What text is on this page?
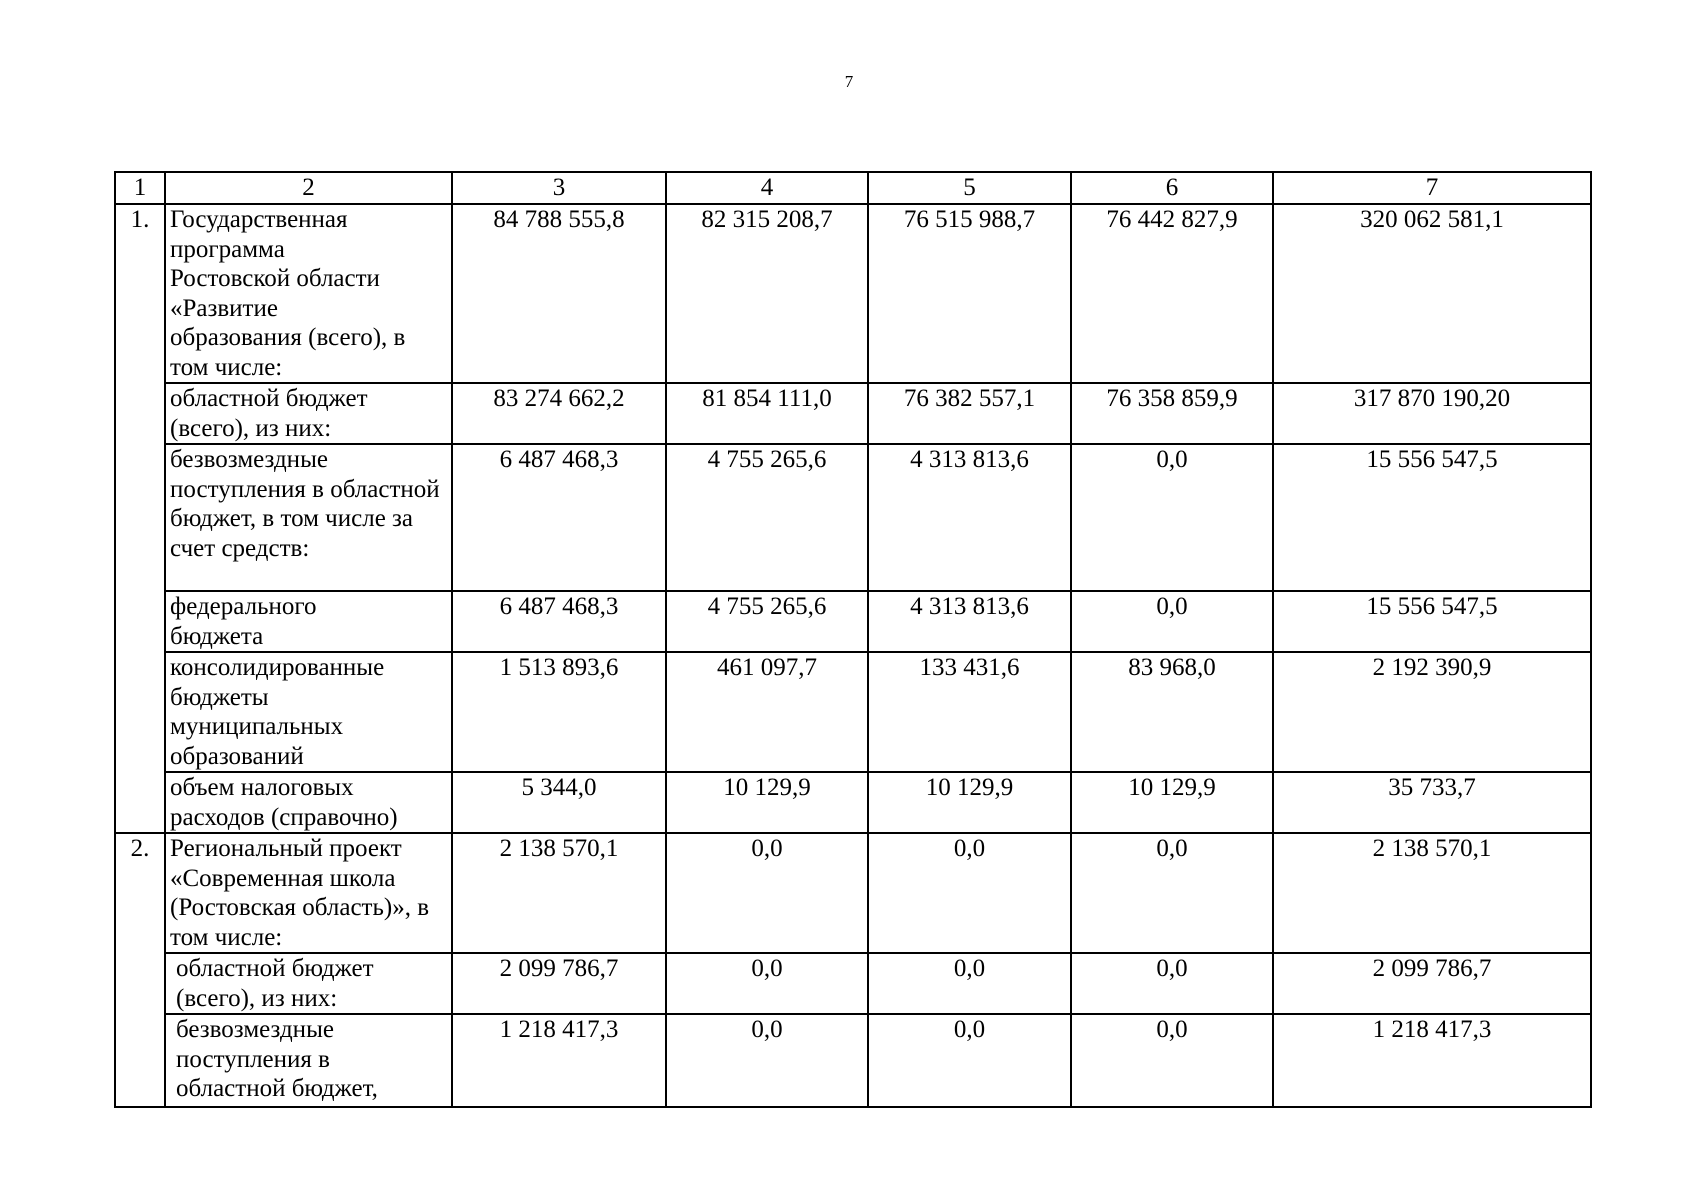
7
1	2	3	4	5	6	7
1.	Государственная программа Ростовской области «Развитие образования (всего), в том числе:	84 788 555,8	82 315 208,7	76 515 988,7	76 442 827,9	320 062 581,1
	областной бюджет (всего), из них:	83 274 662,2	81 854 111,0	76 382 557,1	76 358 859,9	317 870 190,20
	безвозмездные поступления в областной бюджет, в том числе за счет средств:	6 487 468,3	4 755 265,6	4 313 813,6	0,0	15 556 547,5
	федерального бюджета	6 487 468,3	4 755 265,6	4 313 813,6	0,0	15 556 547,5
	консолидированные бюджеты муниципальных образований	1 513 893,6	461 097,7	133 431,6	83 968,0	2 192 390,9
	объем налоговых расходов (справочно)	5 344,0	10 129,9	10 129,9	10 129,9	35 733,7
2.	Региональный проект «Современная школа (Ростовская область)», в том числе:	2 138 570,1	0,0	0,0	0,0	2 138 570,1
	областной бюджет (всего), из них:	2 099 786,7	0,0	0,0	0,0	2 099 786,7
	безвозмездные поступления в областной бюджет,	1 218 417,3	0,0	0,0	0,0	1 218 417,3
